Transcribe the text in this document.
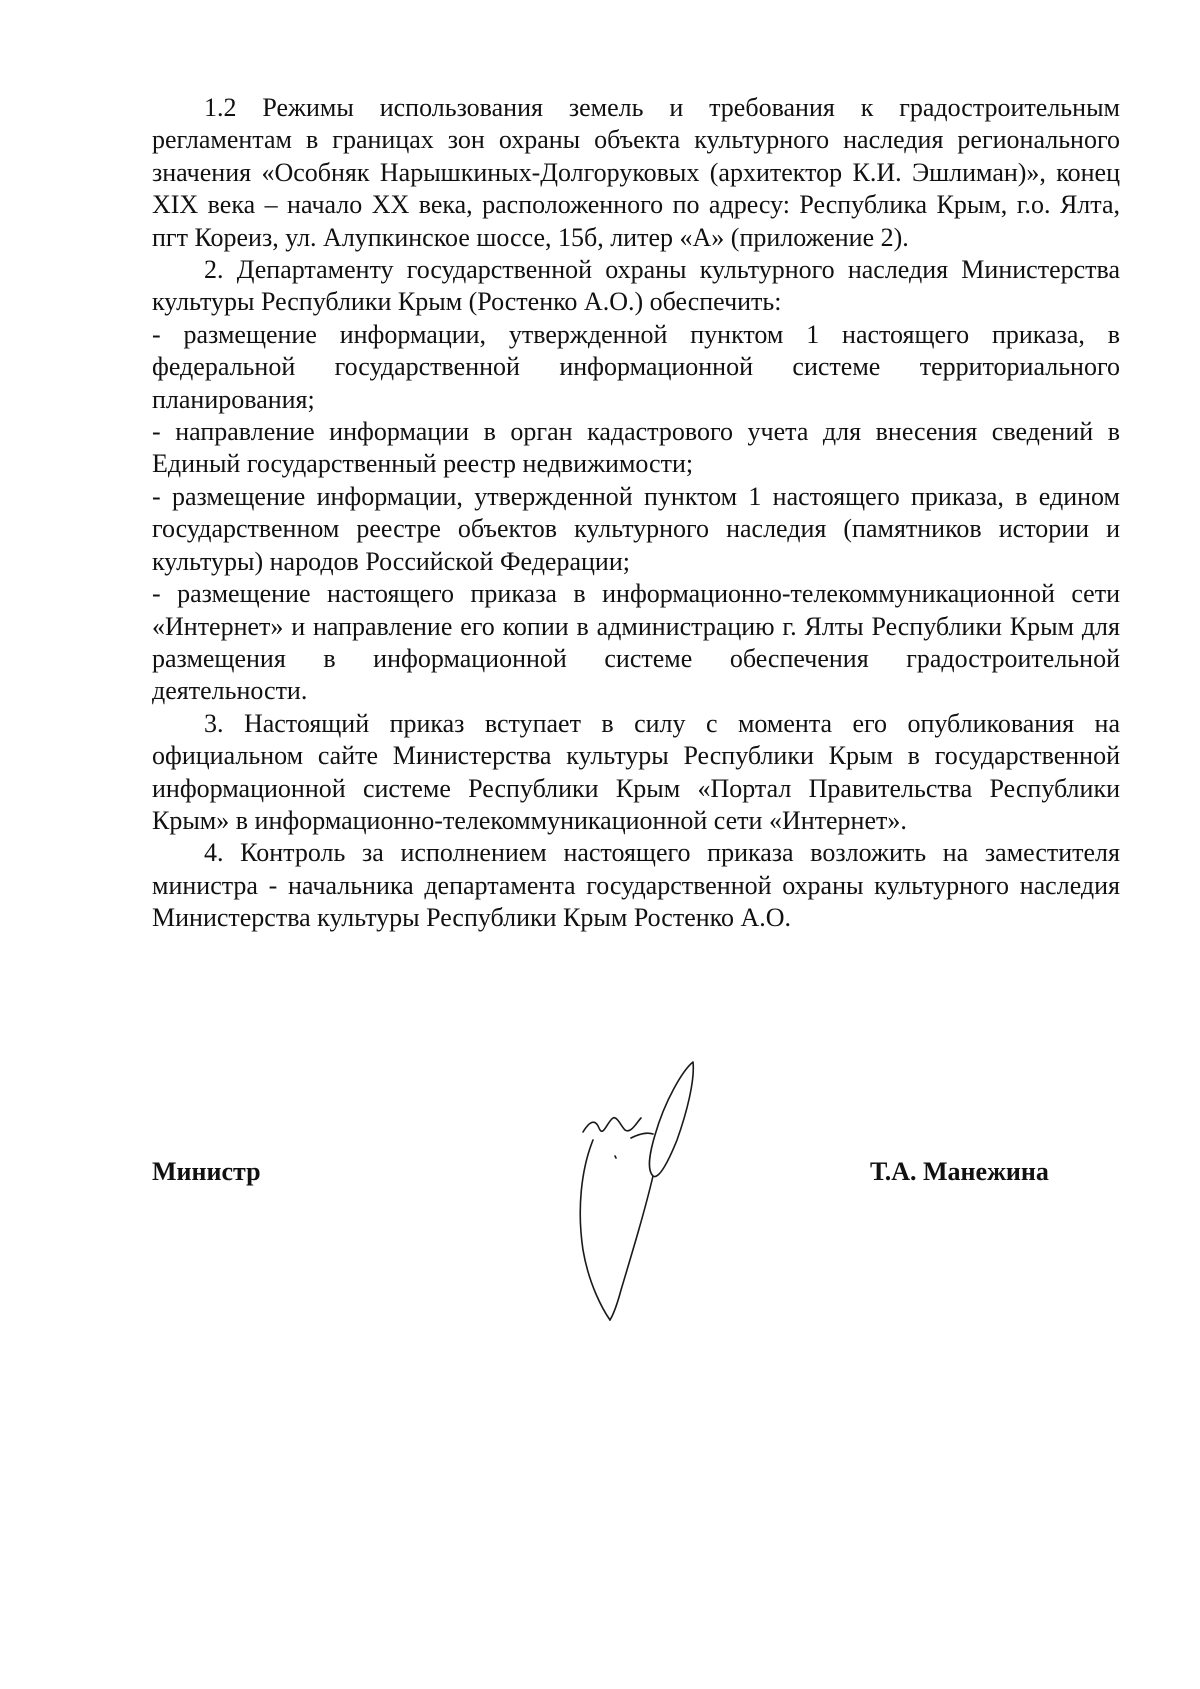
1.2 Режимы использования земель и требования к градостроительным регламентам в границах зон охраны объекта культурного наследия регионального значения «Особняк Нарышкиных-Долгоруковых (архитектор К.И. Эшлиман)», конец XIX века – начало XX века, расположенного по адресу: Республика Крым, г.о. Ялта, пгт Кореиз, ул. Алупкинское шоссе, 15б, литер «А» (приложение 2).

2. Департаменту государственной охраны культурного наследия Министерства культуры Республики Крым (Ростенко А.О.) обеспечить:

- размещение информации, утвержденной пунктом 1 настоящего приказа, в федеральной государственной информационной системе территориального планирования;

- направление информации в орган кадастрового учета для внесения сведений в Единый государственный реестр недвижимости;

- размещение информации, утвержденной пунктом 1 настоящего приказа, в едином государственном реестре объектов культурного наследия (памятников истории и культуры) народов Российской Федерации;

- размещение настоящего приказа в информационно-телекоммуникационной сети «Интернет» и направление его копии в администрацию г. Ялты Республики Крым для размещения в информационной системе обеспечения градостроительной деятельности.

3. Настоящий приказ вступает в силу с момента его опубликования на официальном сайте Министерства культуры Республики Крым в государственной информационной системе Республики Крым «Портал Правительства Республики Крым» в информационно-телекоммуникационной сети «Интернет».

4. Контроль за исполнением настоящего приказа возложить на заместителя министра - начальника департамента государственной охраны культурного наследия Министерства культуры Республики Крым Ростенко А.О.

Министр	Т.А. Манежина
